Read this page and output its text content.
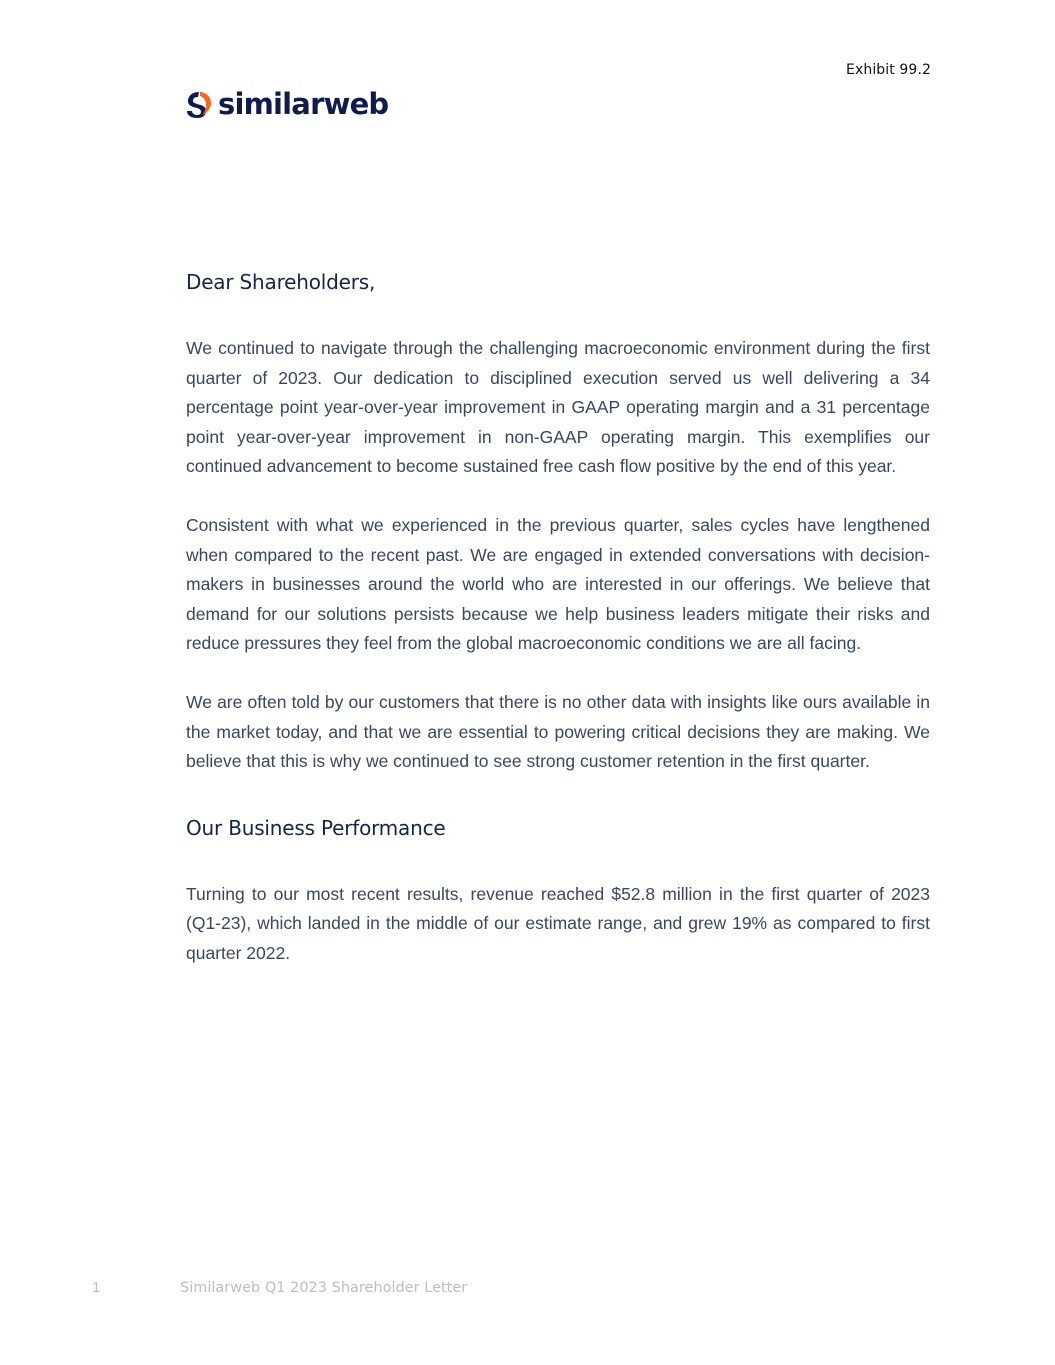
Exhibit 99.2
similarweb
Dear Shareholders,

We continued to navigate through the challenging macroeconomic environment during the first quarter of 2023. Our dedication to disciplined execution served us well delivering a 34 percentage point year-over-year improvement in GAAP operating margin and a 31 percentage point year-over-year improvement in non-GAAP operating margin. This exemplifies our continued advancement to become sustained free cash flow positive by the end of this year.

Consistent with what we experienced in the previous quarter, sales cycles have lengthened when compared to the recent past. We are engaged in extended conversations with decision-makers in businesses around the world who are interested in our offerings. We believe that demand for our solutions persists because we help business leaders mitigate their risks and reduce pressures they feel from the global macroeconomic conditions we are all facing.

We are often told by our customers that there is no other data with insights like ours available in the market today, and that we are essential to powering critical decisions they are making. We believe that this is why we continued to see strong customer retention in the first quarter.

Our Business Performance

Turning to our most recent results, revenue reached $52.8 million in the first quarter of 2023 (Q1-23), which landed in the middle of our estimate range, and grew 19% as compared to first quarter 2022.

1	Similarweb Q1 2023 Shareholder Letter
